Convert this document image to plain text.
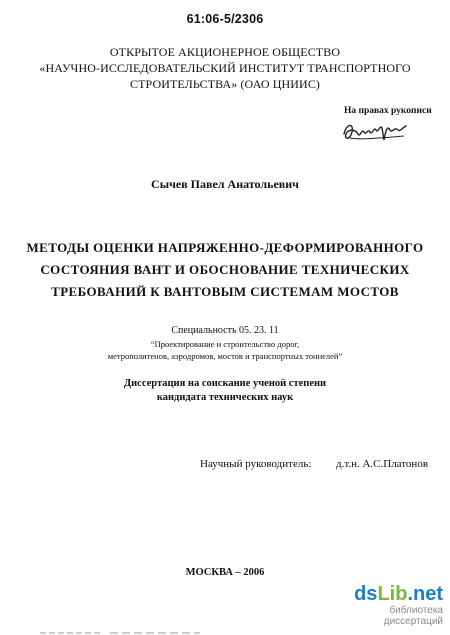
61:06-5/2306
ОТКРЫТОЕ АКЦИОНЕРНОЕ ОБЩЕСТВО
«НАУЧНО-ИССЛЕДОВАТЕЛЬСКИЙ ИНСТИТУТ ТРАНСПОРТНОГО
СТРОИТЕЛЬСТВА» (ОАО ЦНИИС)
На правах рукописи
Сычев Павел Анатольевич
МЕТОДЫ ОЦЕНКИ НАПРЯЖЕННО-ДЕФОРМИРОВАННОГО
СОСТОЯНИЯ ВАНТ И ОБОСНОВАНИЕ ТЕХНИЧЕСКИХ
ТРЕБОВАНИЙ К ВАНТОВЫМ СИСТЕМАМ МОСТОВ
Специальность 05. 23. 11
“Проектирование и строительство дорог,
метрополитенов, аэродромов, мостов и транспортных тоннелей”
Диссертация на соискание ученой степени
кандидата технических наук
Научный руководитель: д.т.н. А.С.Платонов
МОСКВА – 2006
dsLib.net
библиотека диссертаций
